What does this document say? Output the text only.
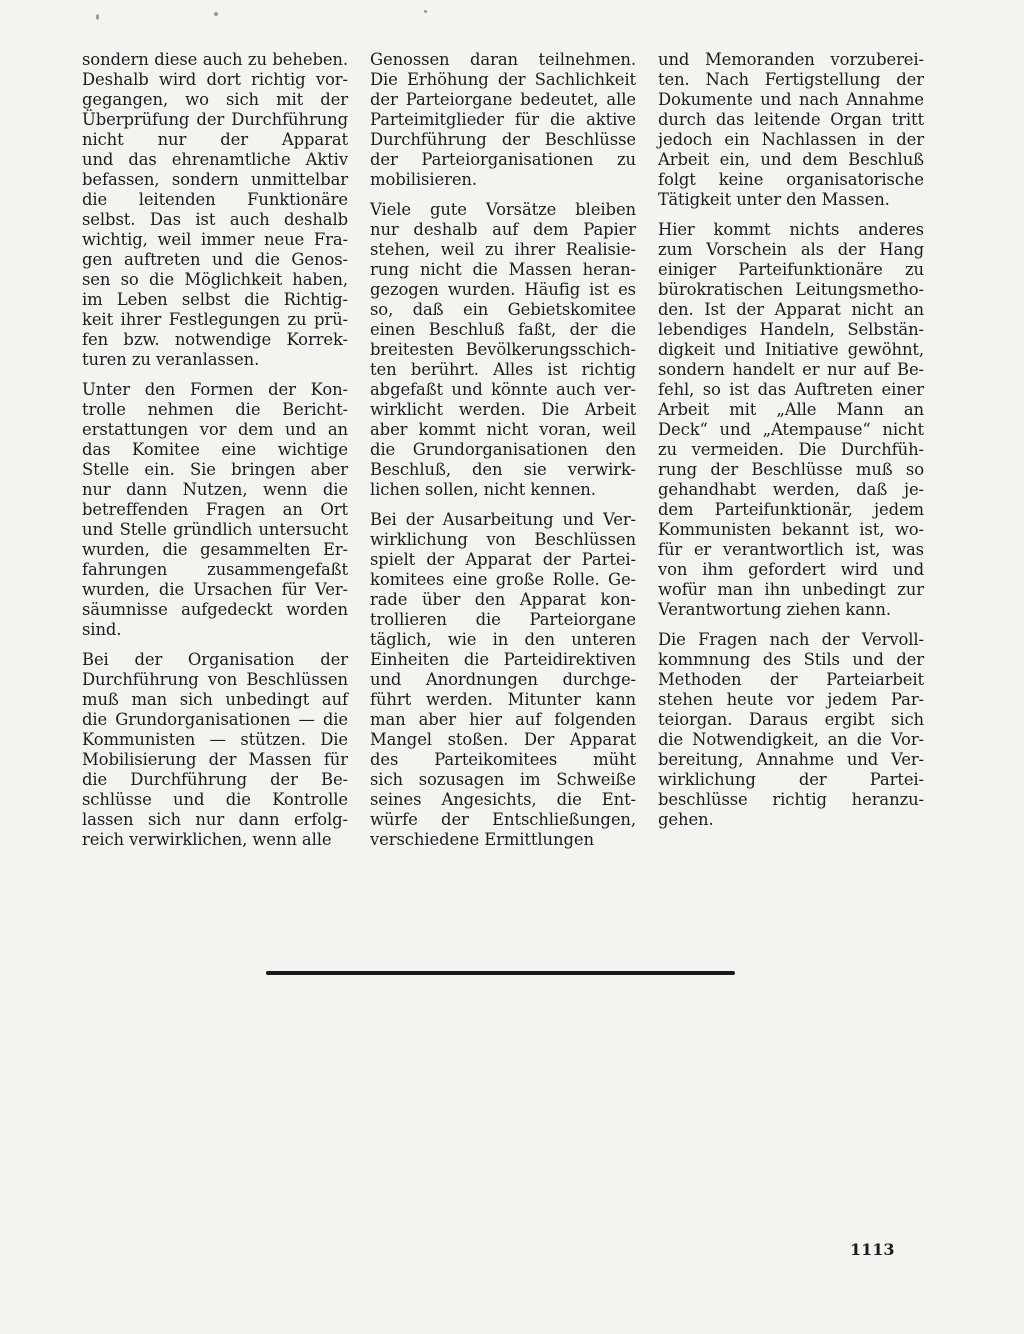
sondern diese auch zu beheben.
Deshalb wird dort richtig vor-
gegangen, wo sich mit der
Überprüfung der Durchführung
nicht nur der Apparat
und das ehrenamtliche Aktiv
befassen, sondern unmittelbar
die leitenden Funktionäre
selbst. Das ist auch deshalb
wichtig, weil immer neue Fra-
gen auftreten und die Genos-
sen so die Möglichkeit haben,
im Leben selbst die Richtig-
keit ihrer Festlegungen zu prü-
fen bzw. notwendige Korrek-
turen zu veranlassen.
Unter den Formen der Kon-
trolle nehmen die Bericht-
erstattungen vor dem und an
das Komitee eine wichtige
Stelle ein. Sie bringen aber
nur dann Nutzen, wenn die
betreffenden Fragen an Ort
und Stelle gründlich untersucht
wurden, die gesammelten Er-
fahrungen zusammengefaßt
wurden, die Ursachen für Ver-
säumnisse aufgedeckt worden
sind.
Bei der Organisation der
Durchführung von Beschlüssen
muß man sich unbedingt auf
die Grundorganisationen — die
Kommunisten — stützen. Die
Mobilisierung der Massen für
die Durchführung der Be-
schlüsse und die Kontrolle
lassen sich nur dann erfolg-
reich verwirklichen, wenn alle
Genossen daran teilnehmen.
Die Erhöhung der Sachlichkeit
der Parteiorgane bedeutet, alle
Parteimitglieder für die aktive
Durchführung der Beschlüsse
der Parteiorganisationen zu
mobilisieren.
Viele gute Vorsätze bleiben
nur deshalb auf dem Papier
stehen, weil zu ihrer Realisie-
rung nicht die Massen heran-
gezogen wurden. Häufig ist es
so, daß ein Gebietskomitee
einen Beschluß faßt, der die
breitesten Bevölkerungsschich-
ten berührt. Alles ist richtig
abgefaßt und könnte auch ver-
wirklicht werden. Die Arbeit
aber kommt nicht voran, weil
die Grundorganisationen den
Beschluß, den sie verwirk-
lichen sollen, nicht kennen.
Bei der Ausarbeitung und Ver-
wirklichung von Beschlüssen
spielt der Apparat der Partei-
komitees eine große Rolle. Ge-
rade über den Apparat kon-
trollieren die Parteiorgane
täglich, wie in den unteren
Einheiten die Parteidirektiven
und Anordnungen durchge-
führt werden. Mitunter kann
man aber hier auf folgenden
Mangel stoßen. Der Apparat
des Parteikomitees müht
sich sozusagen im Schweiße
seines Angesichts, die Ent-
würfe der Entschließungen,
verschiedene Ermittlungen
und Memoranden vorzuberei-
ten. Nach Fertigstellung der
Dokumente und nach Annahme
durch das leitende Organ tritt
jedoch ein Nachlassen in der
Arbeit ein, und dem Beschluß
folgt keine organisatorische
Tätigkeit unter den Massen.
Hier kommt nichts anderes
zum Vorschein als der Hang
einiger Parteifunktionäre zu
bürokratischen Leitungsmetho-
den. Ist der Apparat nicht an
lebendiges Handeln, Selbstän-
digkeit und Initiative gewöhnt,
sondern handelt er nur auf Be-
fehl, so ist das Auftreten einer
Arbeit mit „Alle Mann an
Deck“ und „Atempause“ nicht
zu vermeiden. Die Durchfüh-
rung der Beschlüsse muß so
gehandhabt werden, daß je-
dem Parteifunktionär, jedem
Kommunisten bekannt ist, wo-
für er verantwortlich ist, was
von ihm gefordert wird und
wofür man ihn unbedingt zur
Verantwortung ziehen kann.
Die Fragen nach der Vervoll-
kommnung des Stils und der
Methoden der Parteiarbeit
stehen heute vor jedem Par-
teiorgan. Daraus ergibt sich
die Notwendigkeit, an die Vor-
bereitung, Annahme und Ver-
wirklichung der Partei-
beschlüsse richtig heranzu-
gehen.
1113
